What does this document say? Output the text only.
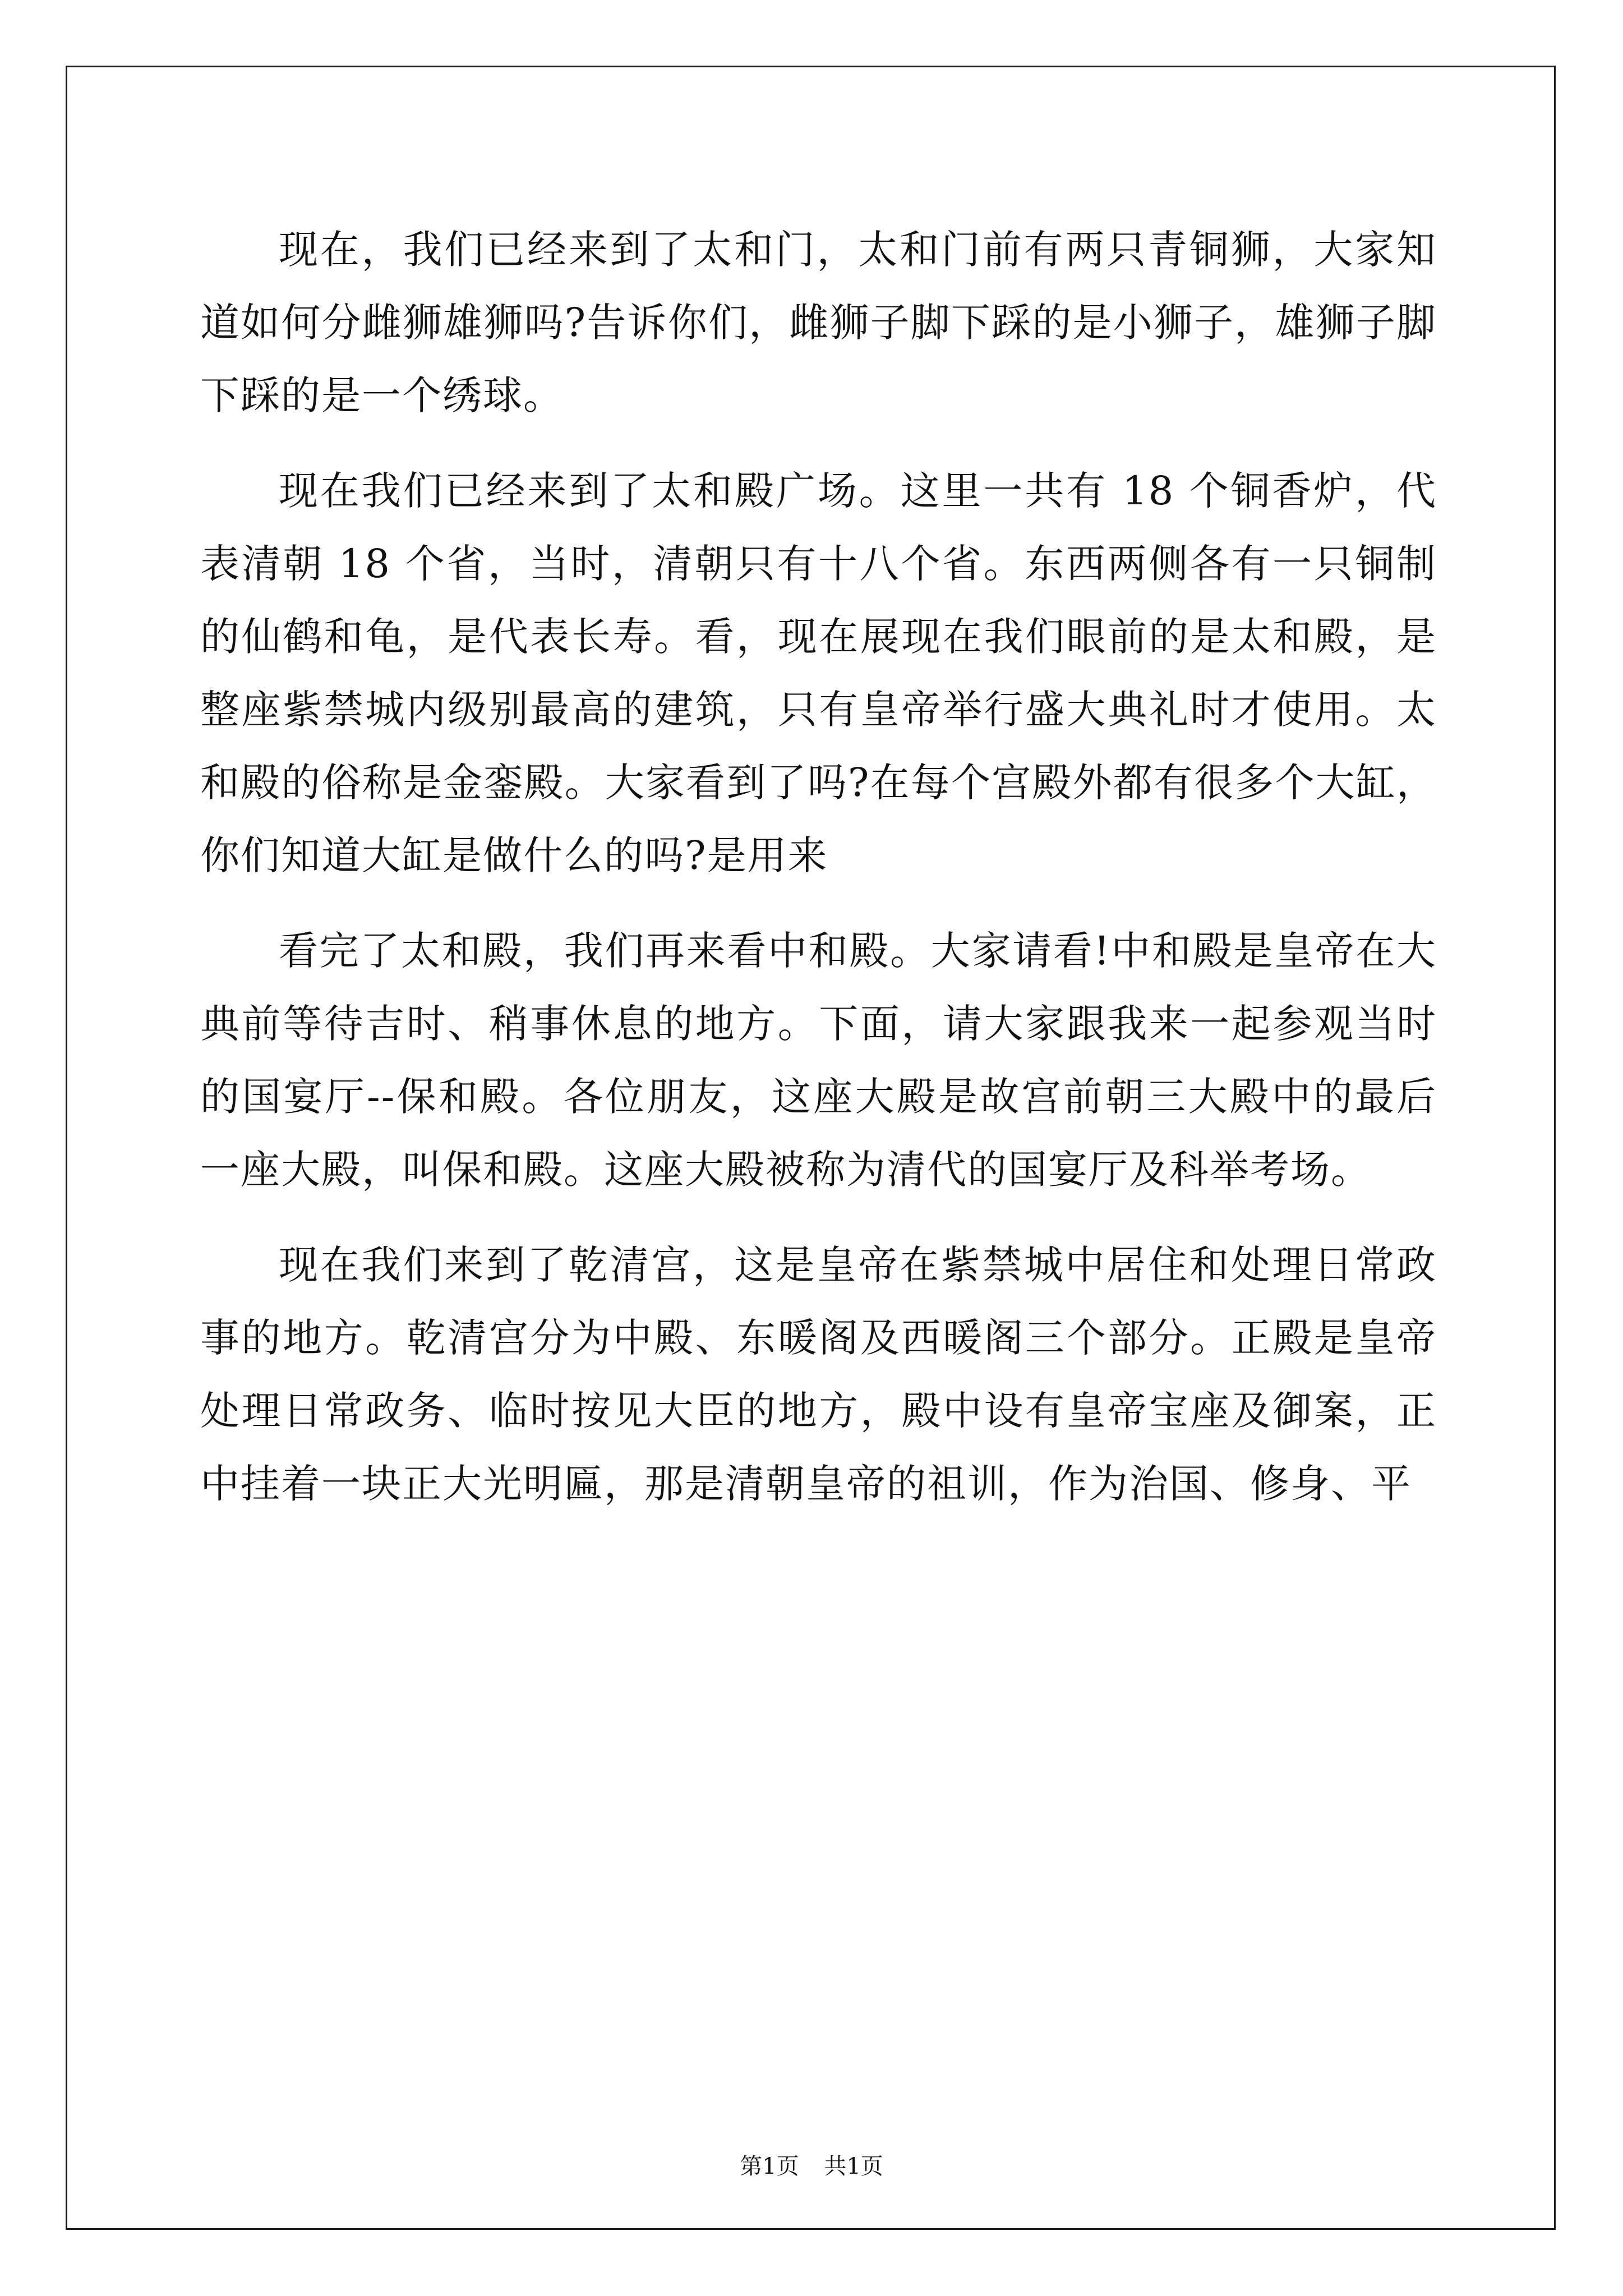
现在，我们已经来到了太和门，太和门前有两只青铜狮，大家知道如何分雌狮雄狮吗?告诉你们，雌狮子脚下踩的是小狮子，雄狮子脚下踩的是一个绣球。

现在我们已经来到了太和殿广场。这里一共有 18 个铜香炉，代表清朝 18 个省，当时，清朝只有十八个省。东西两侧各有一只铜制的仙鹤和龟，是代表长寿。看，现在展现在我们眼前的是太和殿，是整座紫禁城内级别最高的建筑，只有皇帝举行盛大典礼时才使用。太和殿的俗称是金銮殿。大家看到了吗?在每个宫殿外都有很多个大缸，你们知道大缸是做什么的吗?是用来

看完了太和殿，我们再来看中和殿。大家请看!中和殿是皇帝在大典前等待吉时、稍事休息的地方。下面，请大家跟我来一起参观当时的国宴厅--保和殿。各位朋友，这座大殿是故宫前朝三大殿中的最后一座大殿，叫保和殿。这座大殿被称为清代的国宴厅及科举考场。

现在我们来到了乾清宫，这是皇帝在紫禁城中居住和处理日常政事的地方。乾清宫分为中殿、东暖阁及西暖阁三个部分。正殿是皇帝处理日常政务、临时按见大臣的地方，殿中设有皇帝宝座及御案，正中挂着一块正大光明匾，那是清朝皇帝的祖训，作为治国、修身、平

第1页 共1页
